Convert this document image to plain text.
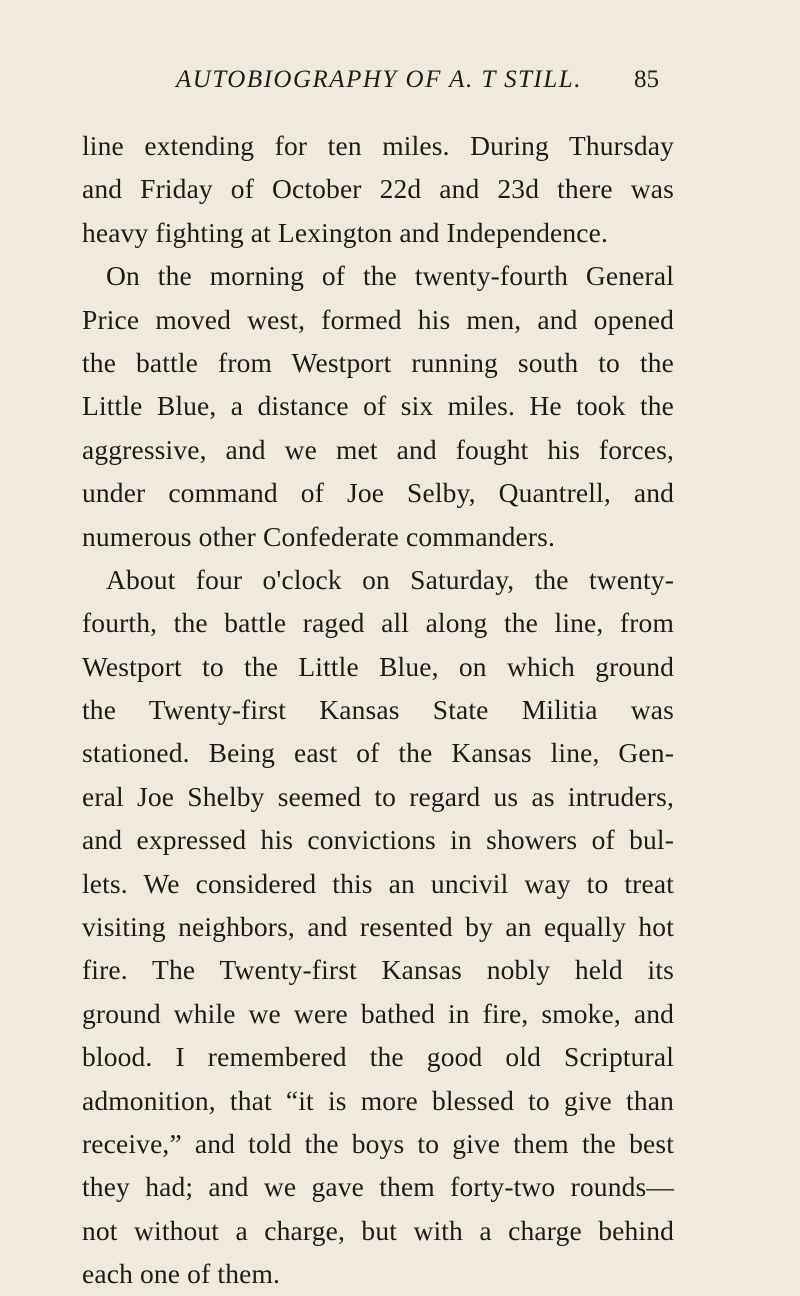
AUTOBIOGRAPHY OF A. T STILL. 85
line extending for ten miles. During Thursday
and Friday of October 22d and 23d there was
heavy fighting at Lexington and Independence.
On the morning of the twenty-fourth General
Price moved west, formed his men, and opened
the battle from Westport running south to the
Little Blue, a distance of six miles. He took the
aggressive, and we met and fought his forces,
under command of Joe Selby, Quantrell, and
numerous other Confederate commanders.
About four o'clock on Saturday, the twenty-
fourth, the battle raged all along the line, from
Westport to the Little Blue, on which ground
the Twenty-first Kansas State Militia was
stationed. Being east of the Kansas line, Gen-
eral Joe Shelby seemed to regard us as intruders,
and expressed his convictions in showers of bul-
lets. We considered this an uncivil way to treat
visiting neighbors, and resented by an equally hot
fire. The Twenty-first Kansas nobly held its
ground while we were bathed in fire, smoke, and
blood. I remembered the good old Scriptural
admonition, that “it is more blessed to give than
receive,” and told the boys to give them the best
they had; and we gave them forty-two rounds—
not without a charge, but with a charge behind
each one of them.
